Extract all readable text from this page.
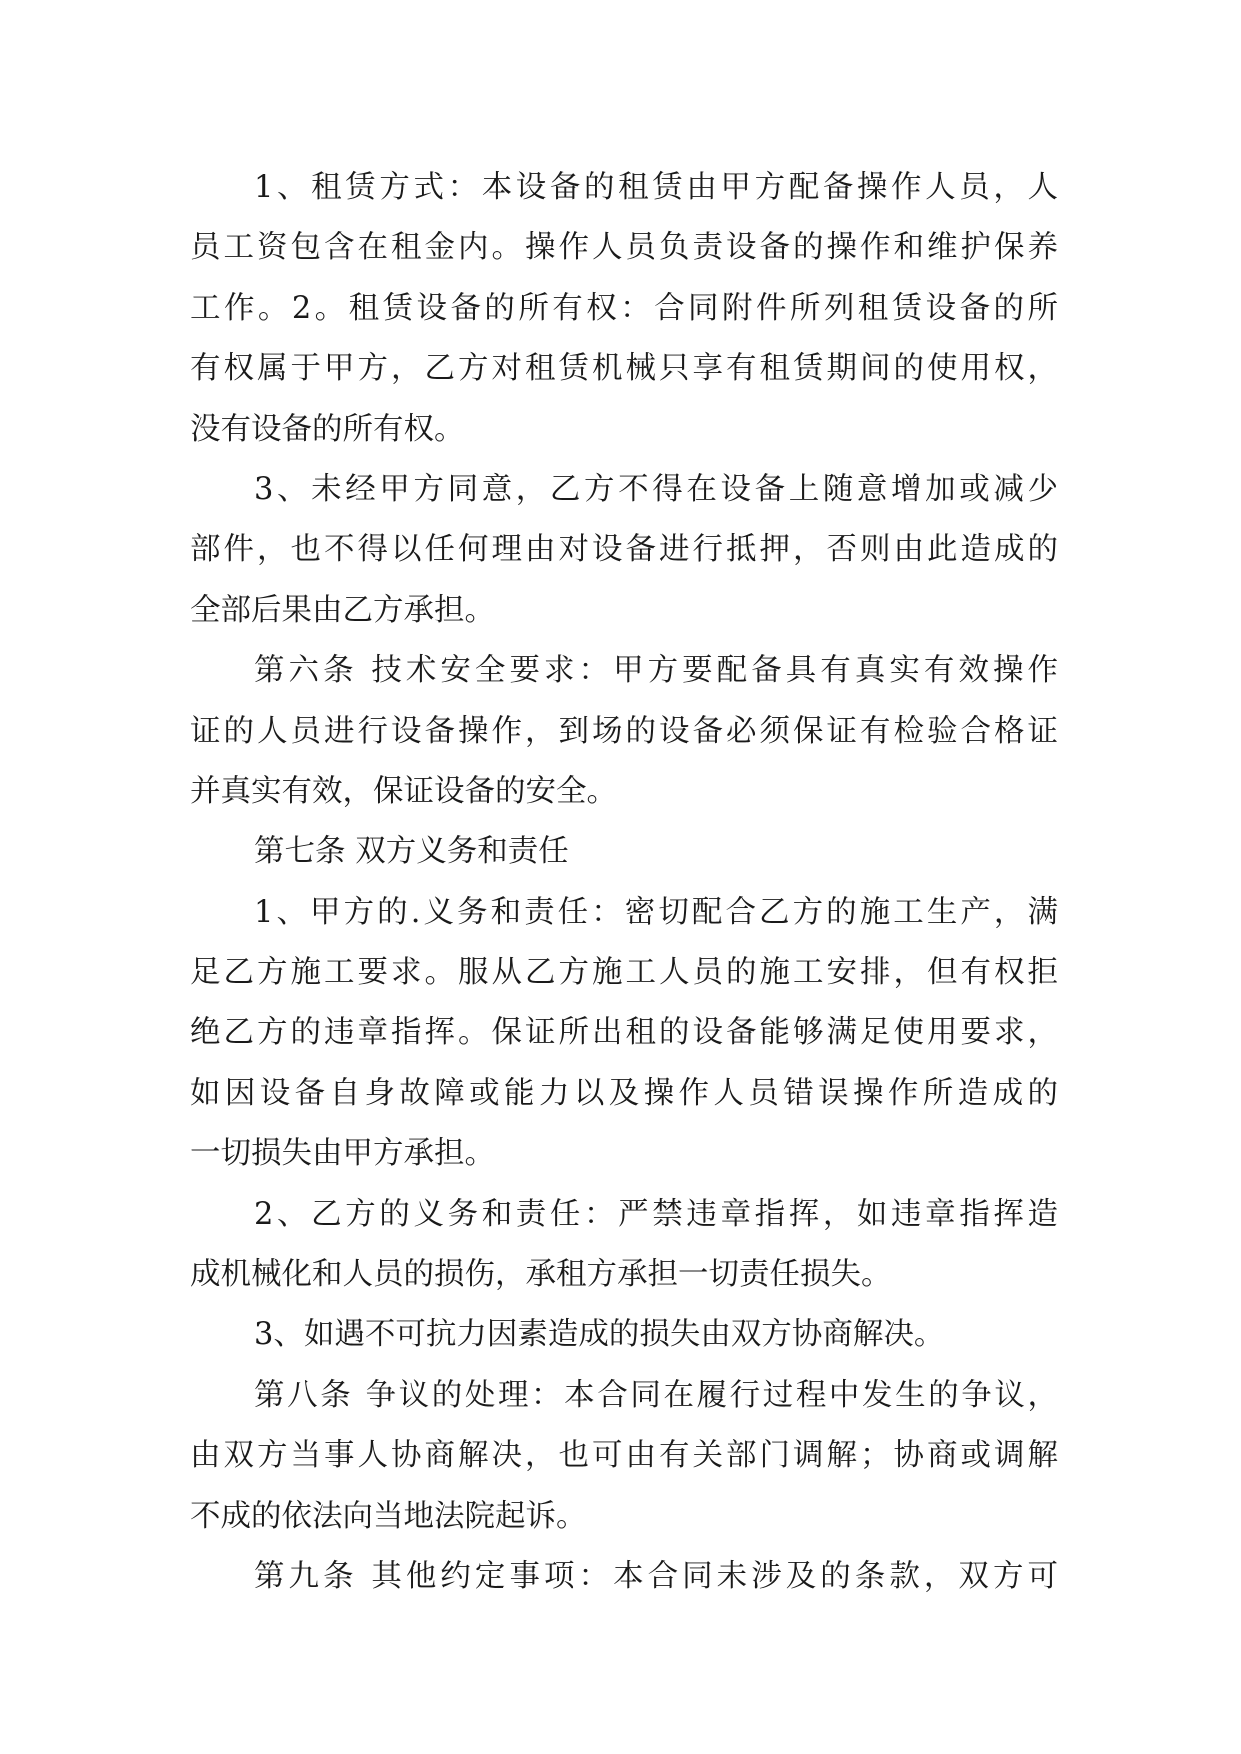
1、租赁方式：本设备的租赁由甲方配备操作人员，人
员工资包含在租金内。操作人员负责设备的操作和维护保养
工作。2。租赁设备的所有权：合同附件所列租赁设备的所
有权属于甲方，乙方对租赁机械只享有租赁期间的使用权，
没有设备的所有权。
3、未经甲方同意，乙方不得在设备上随意增加或减少
部件，也不得以任何理由对设备进行抵押，否则由此造成的
全部后果由乙方承担。
第六条 技术安全要求：甲方要配备具有真实有效操作
证的人员进行设备操作，到场的设备必须保证有检验合格证
并真实有效，保证设备的安全。
第七条 双方义务和责任
1、甲方的.义务和责任：密切配合乙方的施工生产，满
足乙方施工要求。服从乙方施工人员的施工安排，但有权拒
绝乙方的违章指挥。保证所出租的设备能够满足使用要求，
如因设备自身故障或能力以及操作人员错误操作所造成的
一切损失由甲方承担。
2、乙方的义务和责任：严禁违章指挥，如违章指挥造
成机械化和人员的损伤，承租方承担一切责任损失。
3、如遇不可抗力因素造成的损失由双方协商解决。
第八条 争议的处理：本合同在履行过程中发生的争议，
由双方当事人协商解决，也可由有关部门调解；协商或调解
不成的依法向当地法院起诉。
第九条 其他约定事项：本合同未涉及的条款，双方可
